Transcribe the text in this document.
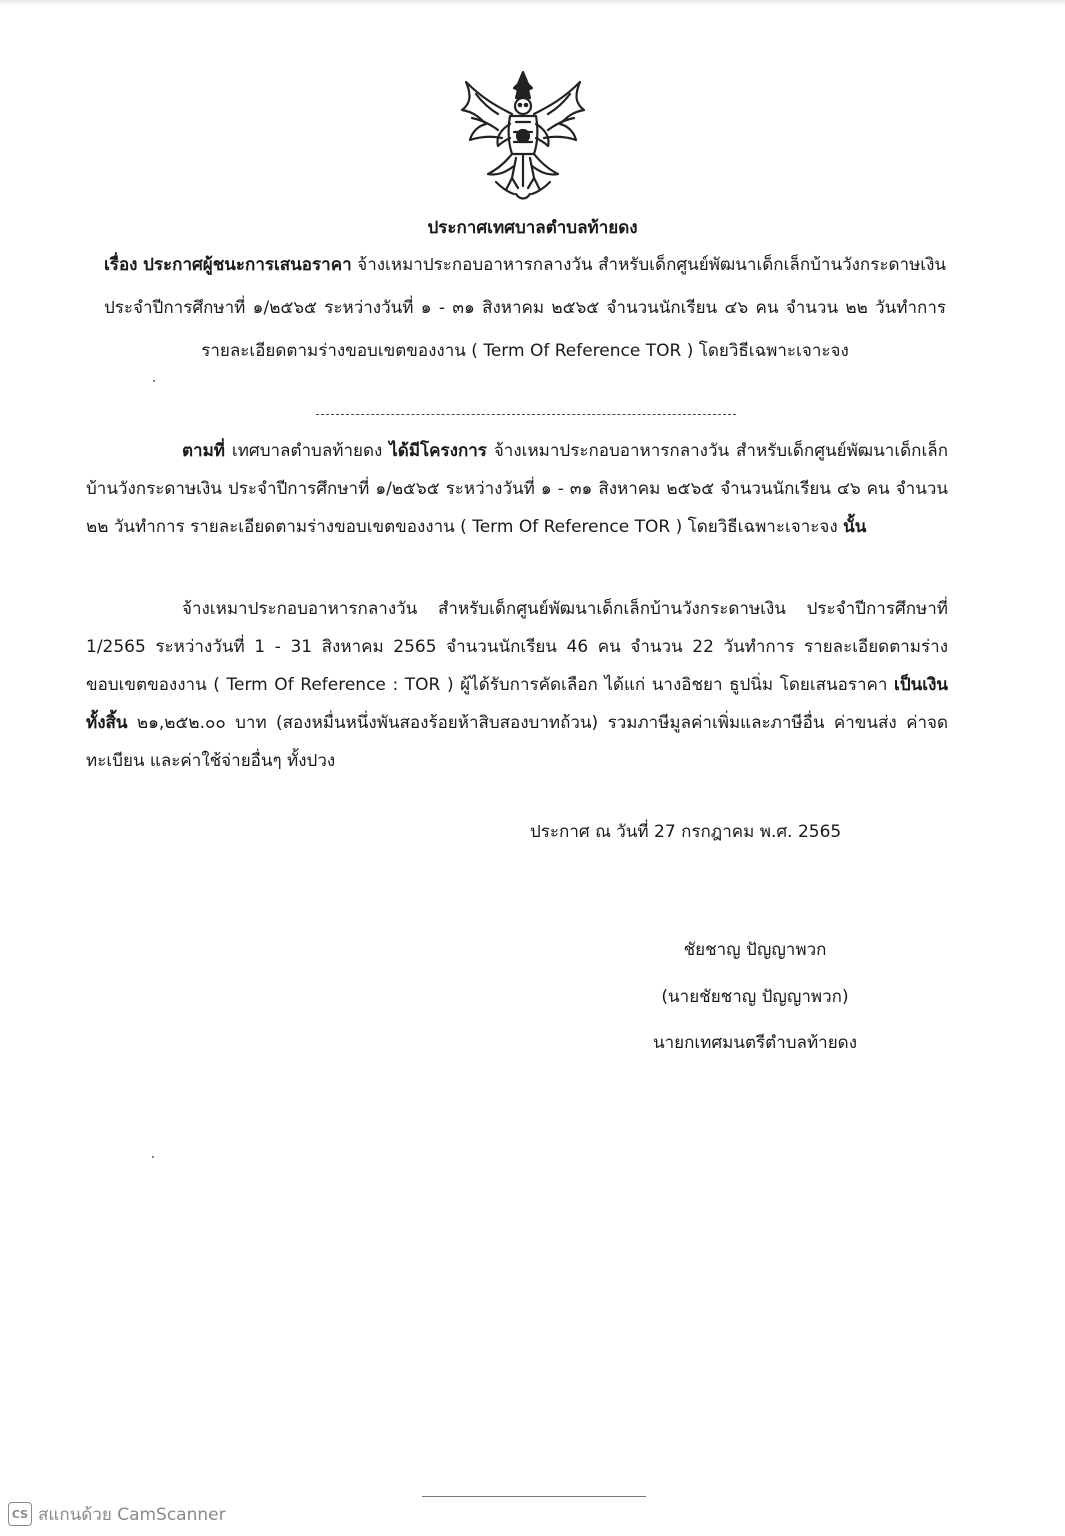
ประกาศเทศบาลตำบลท้ายดง
เรื่อง ประกาศผู้ชนะการเสนอราคา จ้างเหมาประกอบอาหารกลางวัน สำหรับเด็กศูนย์พัฒนาเด็กเล็กบ้านวังกระดาษเงิน ประจำปีการศึกษาที่ ๑/๒๕๖๕ ระหว่างวันที่ ๑ - ๓๑ สิงหาคม ๒๕๖๕ จำนวนนักเรียน ๔๖ คน จำนวน ๒๒ วันทำการ รายละเอียดตามร่างขอบเขตของงาน ( Term Of Reference TOR ) โดยวิธีเฉพาะเจาะจง
ตามที่ เทศบาลตำบลท้ายดง ได้มีโครงการ จ้างเหมาประกอบอาหารกลางวัน สำหรับเด็กศูนย์พัฒนาเด็กเล็กบ้านวังกระดาษเงิน ประจำปีการศึกษาที่ ๑/๒๕๖๕ ระหว่างวันที่ ๑ - ๓๑ สิงหาคม ๒๕๖๕ จำนวนนักเรียน ๔๖ คน จำนวน ๒๒ วันทำการ รายละเอียดตามร่างขอบเขตของงาน ( Term Of Reference TOR ) โดยวิธีเฉพาะเจาะจง นั้น
จ้างเหมาประกอบอาหารกลางวัน สำหรับเด็กศูนย์พัฒนาเด็กเล็กบ้านวังกระดาษเงิน ประจำปีการศึกษาที่ 1/2565 ระหว่างวันที่ 1 - 31 สิงหาคม 2565 จำนวนนักเรียน 46 คน จำนวน 22 วันทำการ รายละเอียดตามร่างขอบเขตของงาน ( Term Of Reference : TOR ) ผู้ได้รับการคัดเลือก ได้แก่ นางอิชยา ธูปนิ่ม โดยเสนอราคา เป็นเงินทั้งสิ้น ๒๑,๒๕๒.๐๐ บาท (สองหมื่นหนึ่งพันสองร้อยห้าสิบสองบาทถ้วน) รวมภาษีมูลค่าเพิ่มและภาษีอื่น ค่าขนส่ง ค่าจดทะเบียน และค่าใช้จ่ายอื่นๆ ทั้งปวง
ประกาศ ณ วันที่ 27 กรกฎาคม พ.ศ. 2565
ชัยชาญ ปัญญาพวก
(นายชัยชาญ ปัญญาพวก)
นายกเทศมนตรีตำบลท้ายดง
CS สแกนด้วย CamScanner
